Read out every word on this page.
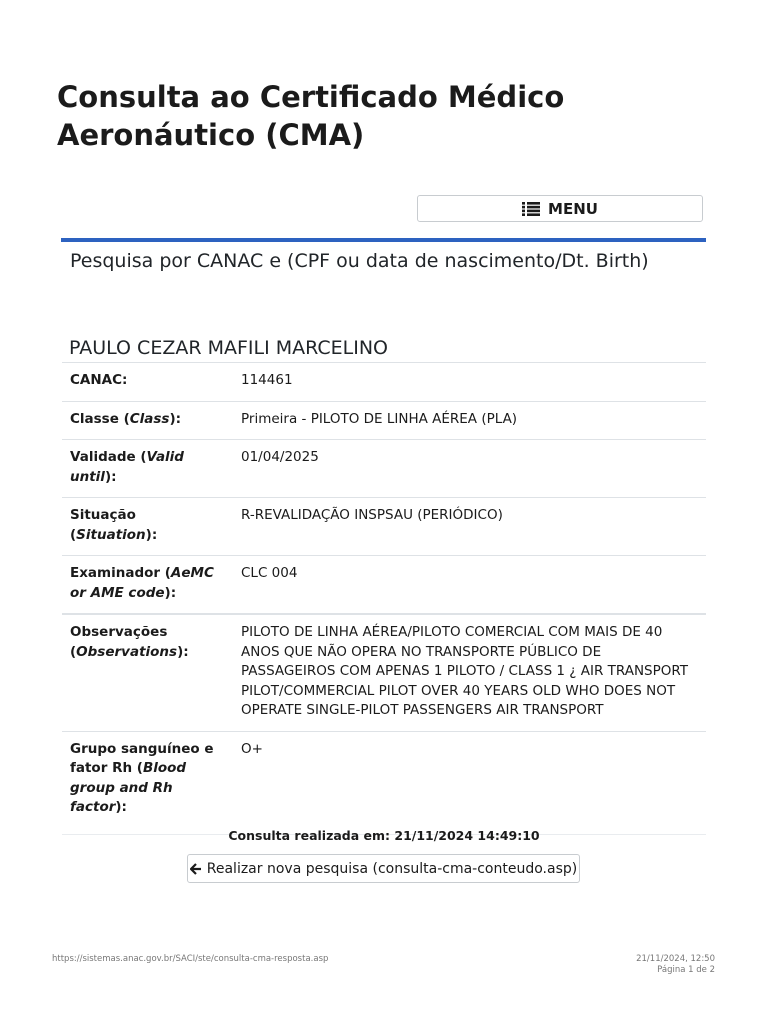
Consulta ao Certificado Médico Aeronáutico (CMA)
MENU
Pesquisa por CANAC e (CPF ou data de nascimento/Dt. Birth)
PAULO CEZAR MAFILI MARCELINO
CANAC:	114461
Classe (Class):	Primeira - PILOTO DE LINHA AÉREA (PLA)
Validade (Valid until):	01/04/2025
Situação (Situation):	R-REVALIDAÇÃO INSPSAU (PERIÓDICO)
Examinador (AeMC or AME code):	CLC 004
Observações (Observations):	PILOTO DE LINHA AÉREA/PILOTO COMERCIAL COM MAIS DE 40 ANOS QUE NÃO OPERA NO TRANSPORTE PÚBLICO DE PASSAGEIROS COM APENAS 1 PILOTO / CLASS 1 ¿ AIR TRANSPORT PILOT/COMMERCIAL PILOT OVER 40 YEARS OLD WHO DOES NOT OPERATE SINGLE-PILOT PASSENGERS AIR TRANSPORT
Grupo sanguíneo e fator Rh (Blood group and Rh factor):	O+
Consulta realizada em: 21/11/2024 14:49:10
Realizar nova pesquisa (consulta-cma-conteudo.asp)
https://sistemas.anac.gov.br/SACI/ste/consulta-cma-resposta.asp	21/11/2024, 12:50
Página 1 de 2
